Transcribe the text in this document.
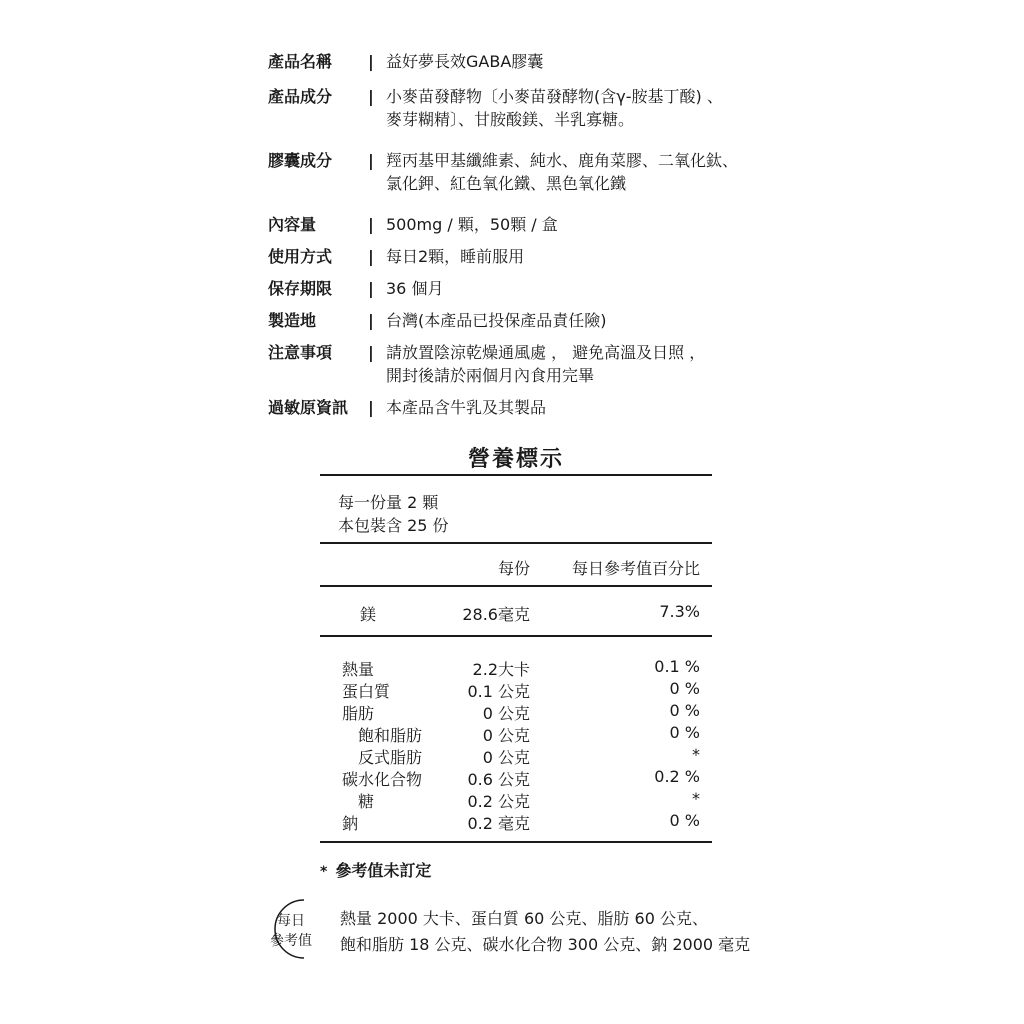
產品名稱 | 益好夢長效GABA膠囊
產品成分 | 小麥苗發酵物〔小麥苗發酵物(含γ-胺基丁酸) 、
麥芽糊精〕、甘胺酸鎂、半乳寡糖。
膠囊成分 | 羥丙基甲基纖維素、純水、鹿角菜膠、二氧化鈦、
氯化鉀、紅色氧化鐵、黑色氧化鐵
內容量	| 500mg / 顆，50顆 / 盒
使用方式 | 每日2顆，睡前服用
保存期限 | 36 個月
製造地	| 台灣(本產品已投保產品責任險)
注意事項 | 請放置陰涼乾燥通風處 ， 避免高溫及日照 ，
開封後請於兩個月內食用完畢
過敏原資訊 | 本產品含牛乳及其製品
營養標示
每一份量 2 顆
本包裝含 25 份
每份	每日參考值百分比
鎂	28.6毫克	7.3%
熱量	2.2大卡	0.1 %
蛋白質	0.1 公克	0 %
脂肪	0 公克	0 %
飽和脂肪	0 公克	0 %
反式脂肪	0 公克	*
碳水化合物	0.6 公克	0.2 %
糖	0.2 公克	*
鈉	0.2 毫克	0 %
* 參考值未訂定
每日
參考值
熱量 2000 大卡、蛋白質 60 公克、脂肪 60 公克、
飽和脂肪 18 公克、碳水化合物 300 公克、鈉 2000 毫克
